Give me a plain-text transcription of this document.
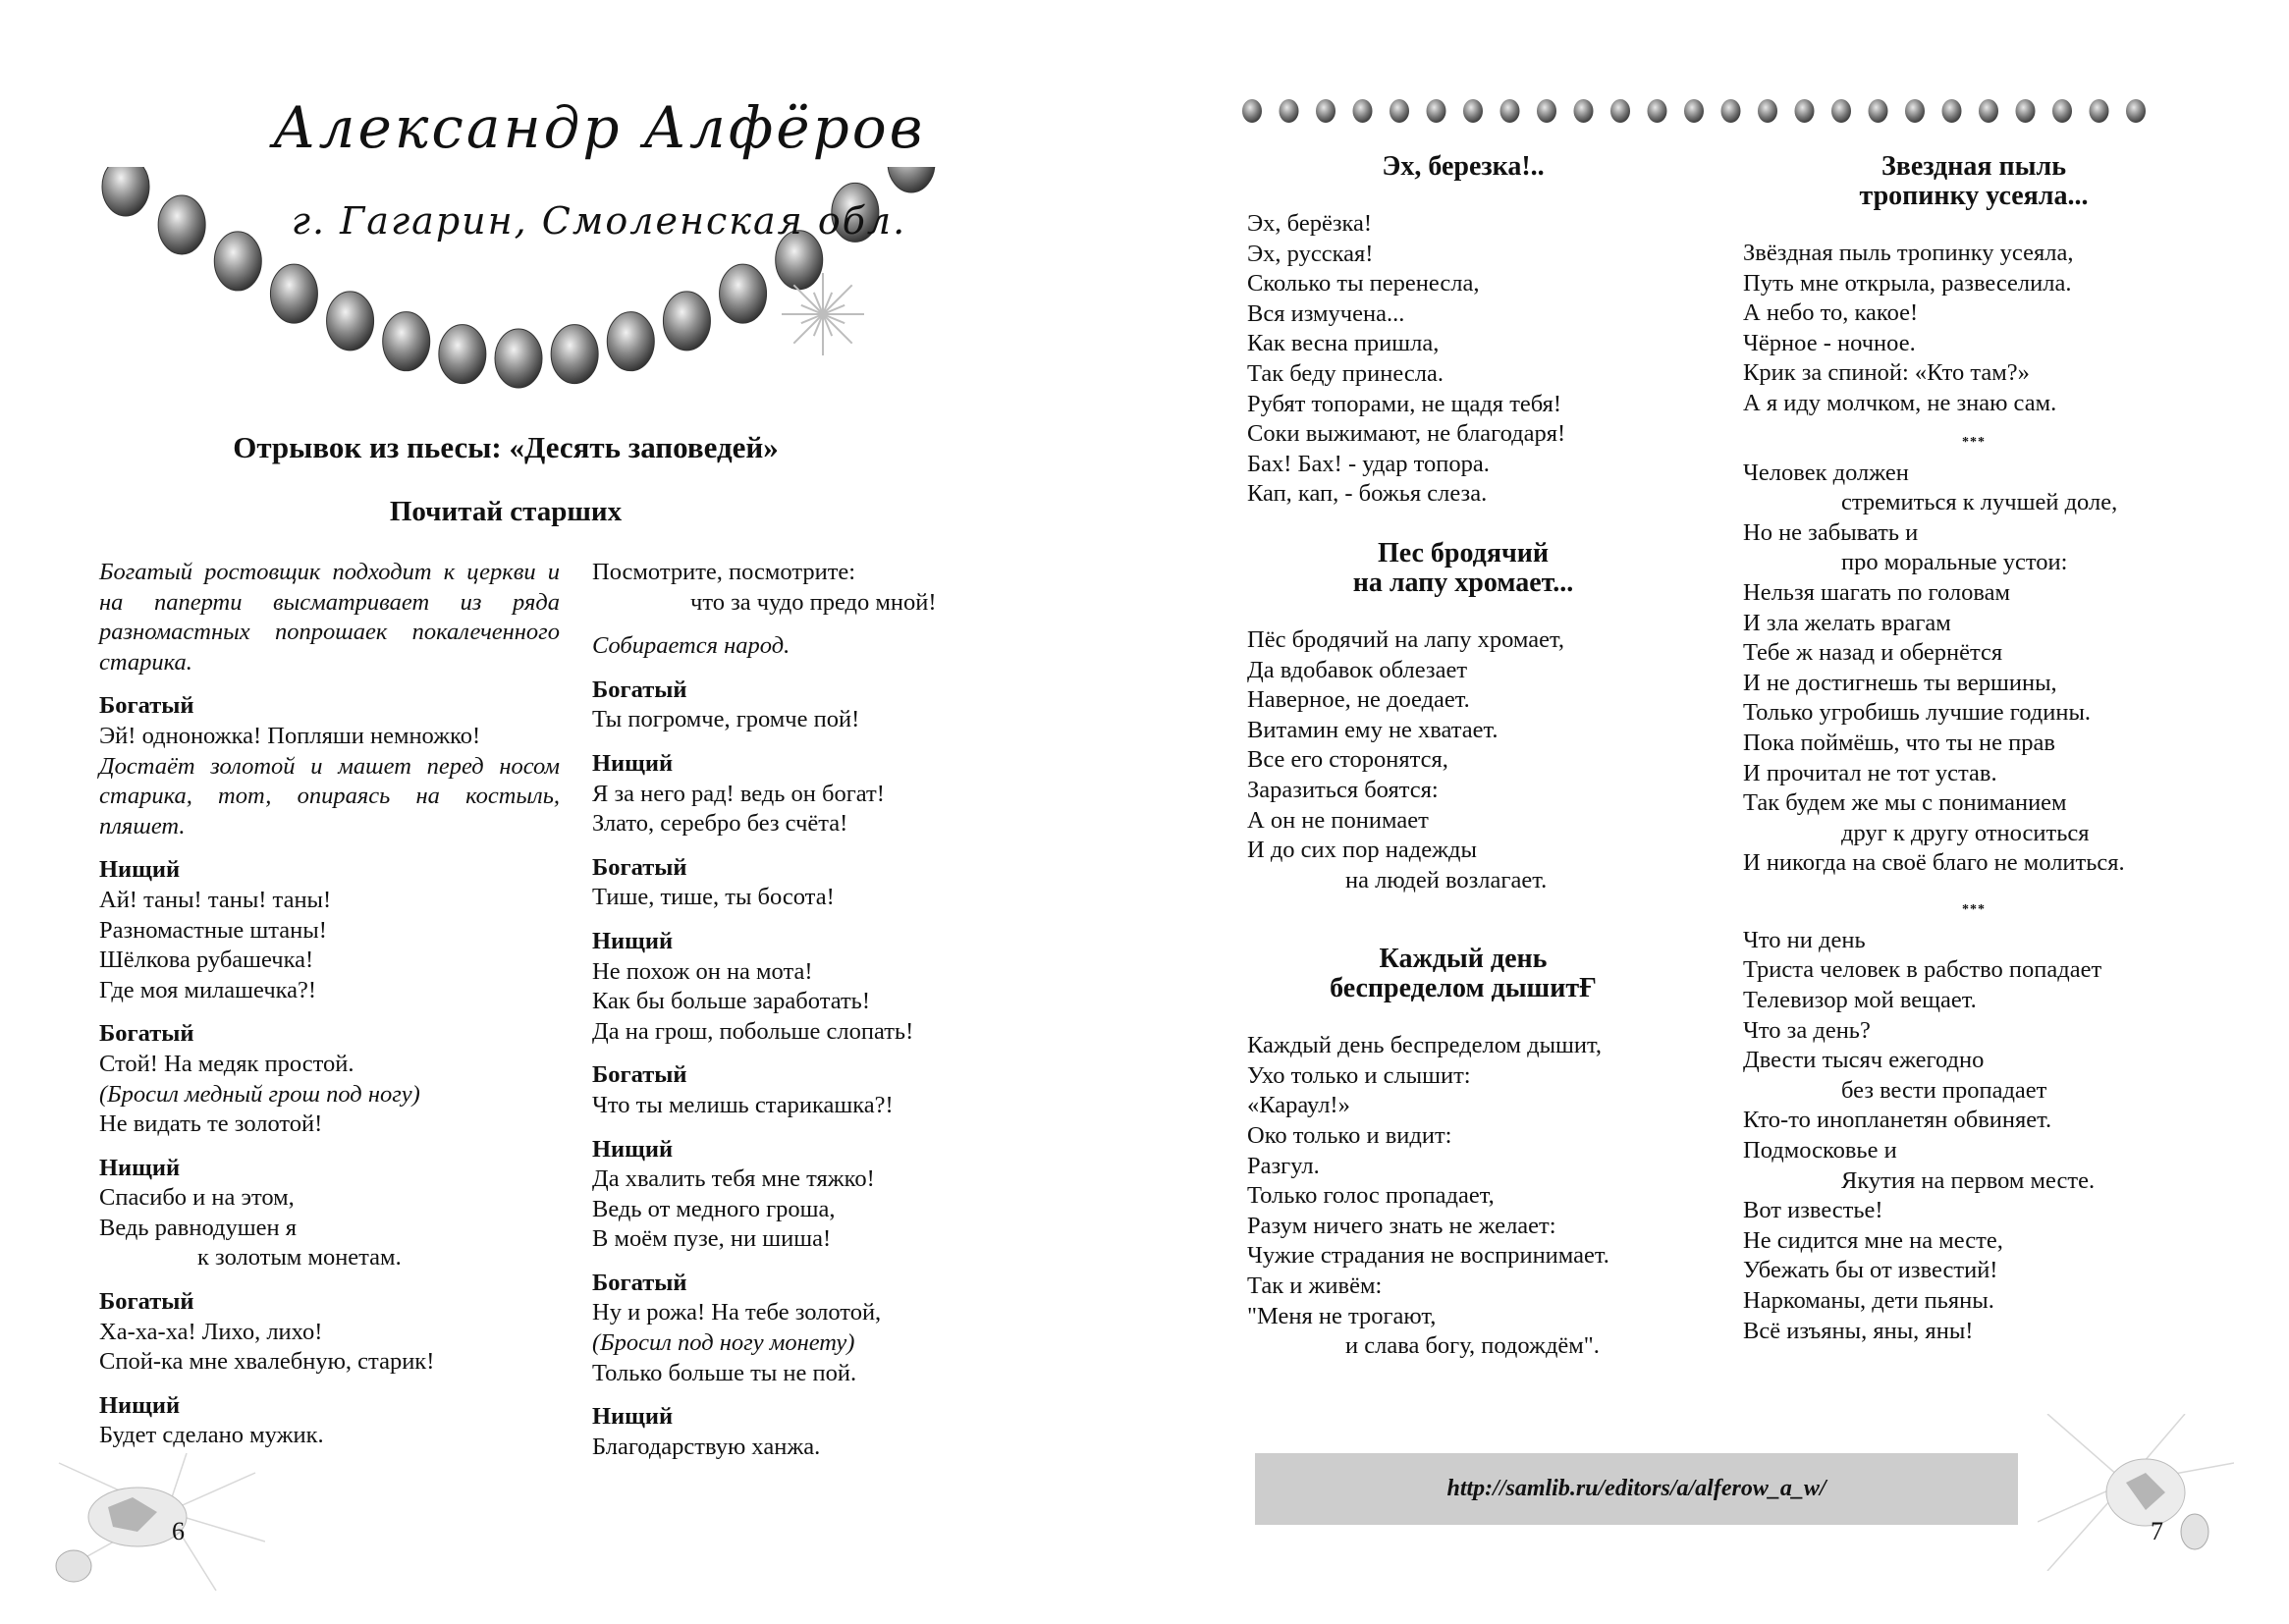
Александр Алфёров
г. Гагарин, Смоленская обл.
Отрывок из пьесы: «Десять заповедей»
Почитай старших
Богатый ростовщик подходит к церкви и на паперти высматривает из ряда разномастных попрошаек покалеченного старика.
Богатый
Эй! одноножка! Попляши немножко!
Достаёт золотой и машет перед носом старика, тот, опираясь на костыль, пляшет.
Нищий
Ай! таны! таны! таны!
Разномастные штаны!
Шёлкова рубашечка!
Где моя милашечка?!
Богатый
Стой! На медяк простой.
(Бросил медный грош под ногу)
Не видать те золотой!
Нищий
Спасибо и на этом,
Ведь равнодушен я
к золотым монетам.
Богатый
Ха-ха-ха! Лихо, лихо!
Спой-ка мне хвалебную, старик!
Нищий
Будет сделано мужик.
Посмотрите, посмотрите:
что за чудо предо мной!
Собирается народ.
Богатый
Ты погромче, громче пой!
Нищий
Я за него рад! ведь он богат!
Злато, серебро без счёта!
Богатый
Тише, тише, ты босота!
Нищий
Не похож он на мота!
Как бы больше заработать!
Да на грош, побольше слопать!
Богатый
Что ты мелишь старикашка?!
Нищий
Да хвалить тебя мне тяжко!
Ведь от медного гроша,
В моём пузе, ни шиша!
Богатый
Ну и рожа! На тебе золотой,
(Бросил под ногу монету)
Только больше ты не пой.
Нищий
Благодарствую ханжа.
6
Эх, березка!..
Эх, берёзка!
Эх, русская!
Сколько ты перенесла,
Вся измучена...
Как весна пришла,
Так беду принесла.
Рубят топорами, не щадя тебя!
Соки выжимают, не благодаря!
Бах! Бах! - удар топора.
Кап, кап, - божья слеза.
Пес бродячий
на лапу хромает...
Пёс бродячий на лапу хромает,
Да вдобавок облезает
Наверное, не доедает.
Витамин ему не хватает.
Все его сторонятся,
Заразиться боятся:
А он не понимает
И до сих пор надежды
на людей возлагает.
Каждый день
беспределом дышитҒ
Каждый день беспределом дышит,
Ухо только и слышит:
«Караул!»
Око только и видит:
Разгул.
Только голос пропадает,
Разум ничего знать не желает:
Чужие страдания не воспринимает.
Так и живём:
"Меня не трогают,
и слава богу, подождём".
Звездная пыль
тропинку усеяла...
Звёздная пыль тропинку усеяла,
Путь мне открыла, развеселила.
А небо то, какое!
Чёрное - ночное.
Крик за спиной: «Кто там?»
А я иду молчком, не знаю сам.
***
Человек должен
стремиться к лучшей доле,
Но не забывать и
про моральные устои:
Нельзя шагать по головам
И зла желать врагам
Тебе ж назад и обернётся
И не достигнешь ты вершины,
Только угробишь лучшие годины.
Пока поймёшь, что ты не прав
И прочитал не тот устав.
Так будем же мы с пониманием
друг к другу относиться
И никогда на своё благо не молиться.
***
Что ни день
Триста человек в рабство попадает
Телевизор мой вещает.
Что за день?
Двести тысяч ежегодно
без вести пропадает
Кто-то инопланетян обвиняет.
Подмосковье и
Якутия на первом месте.
Вот известье!
Не сидится мне на месте,
Убежать бы от известий!
Наркоманы, дети пьяны.
Всё изъяны, яны, яны!
http://samlib.ru/editors/a/alferow_a_w/
7
